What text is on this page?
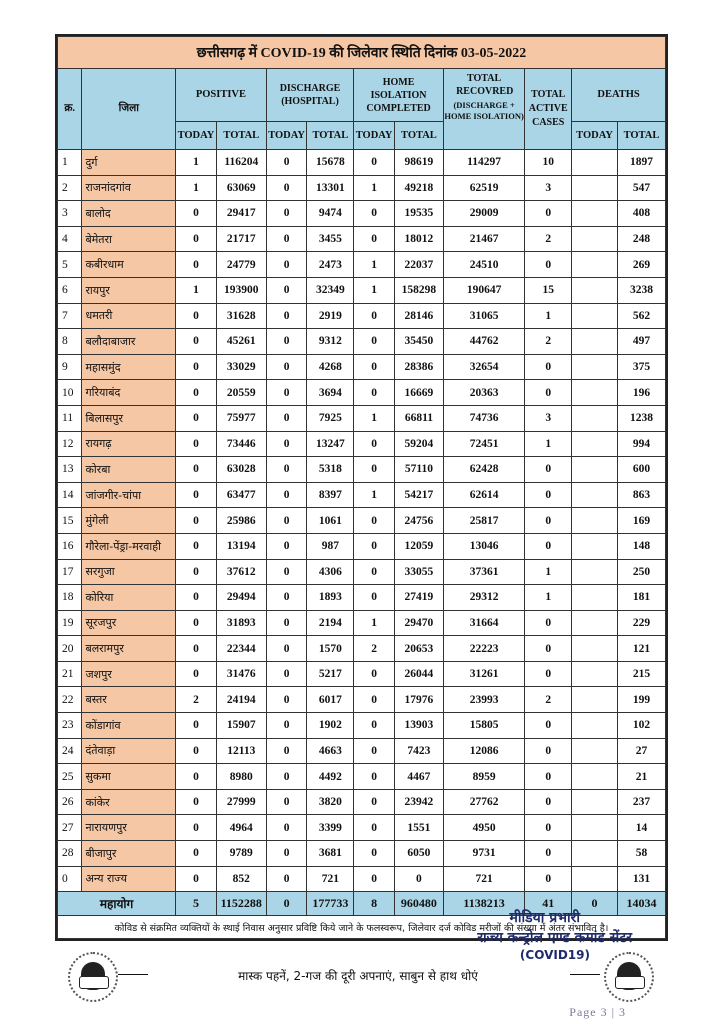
छत्तीसगढ़ में COVID-19 की जिलेवार स्थिति दिनांक 03-05-2022											
क्र.	जिला	POSITIVE		DISCHARGE (HOSPITAL)		HOME ISOLATION COMPLETED		TOTAL RECOVRED
(DISCHARGE + HOME ISOLATION)	TOTAL ACTIVE CASES	DEATHS	
		TODAY	TOTAL	TODAY	TOTAL	TODAY	TOTAL			TODAY	TOTAL
1	दुर्ग	1	116204	0	15678	0	98619	114297	10		1897
2	राजनांदगांव	1	63069	0	13301	1	49218	62519	3		547
3	बालोद	0	29417	0	9474	0	19535	29009	0		408
4	बेमेतरा	0	21717	0	3455	0	18012	21467	2		248
5	कबीरधाम	0	24779	0	2473	1	22037	24510	0		269
6	रायपुर	1	193900	0	32349	1	158298	190647	15		3238
7	धमतरी	0	31628	0	2919	0	28146	31065	1		562
8	बलौदाबाजार	0	45261	0	9312	0	35450	44762	2		497
9	महासमुंद	0	33029	0	4268	0	28386	32654	0		375
10	गरियाबंद	0	20559	0	3694	0	16669	20363	0		196
11	बिलासपुर	0	75977	0	7925	1	66811	74736	3		1238
12	रायगढ़	0	73446	0	13247	0	59204	72451	1		994
13	कोरबा	0	63028	0	5318	0	57110	62428	0		600
14	जांजगीर-चांपा	0	63477	0	8397	1	54217	62614	0		863
15	मुंगेली	0	25986	0	1061	0	24756	25817	0		169
16	गौरेला-पेंड्रा-मरवाही	0	13194	0	987	0	12059	13046	0		148
17	सरगुजा	0	37612	0	4306	0	33055	37361	1		250
18	कोरिया	0	29494	0	1893	0	27419	29312	1		181
19	सूरजपुर	0	31893	0	2194	1	29470	31664	0		229
20	बलरामपुर	0	22344	0	1570	2	20653	22223	0		121
21	जशपुर	0	31476	0	5217	0	26044	31261	0		215
22	बस्तर	2	24194	0	6017	0	17976	23993	2		199
23	कोंडागांव	0	15907	0	1902	0	13903	15805	0		102
24	दंतेवाड़ा	0	12113	0	4663	0	7423	12086	0		27
25	सुकमा	0	8980	0	4492	0	4467	8959	0		21
26	कांकेर	0	27999	0	3820	0	23942	27762	0		237
27	नारायणपुर	0	4964	0	3399	0	1551	4950	0		14
28	बीजापुर	0	9789	0	3681	0	6050	9731	0		58
0	अन्य राज्य	0	852	0	721	0	0	721	0		131
महायोग		5	1152288	0	177733	8	960480	1138213	41	0	14034
कोविड से संक्रमित व्यक्तियों के स्थाई निवास अनुसार प्रविष्टि किये जाने के फलस्वरूप, जिलेवार दर्ज कोविड मरीजों की संख्या में अंतर संभावित है।											
मीडिया प्रभारी
राज्य कन्ट्रोल एण्ड कमांड सेंटर
(COVID19)
मास्क पहनें, 2-गज की दूरी अपनाएं, साबुन से हाथ धोएं
Page 3 | 3
